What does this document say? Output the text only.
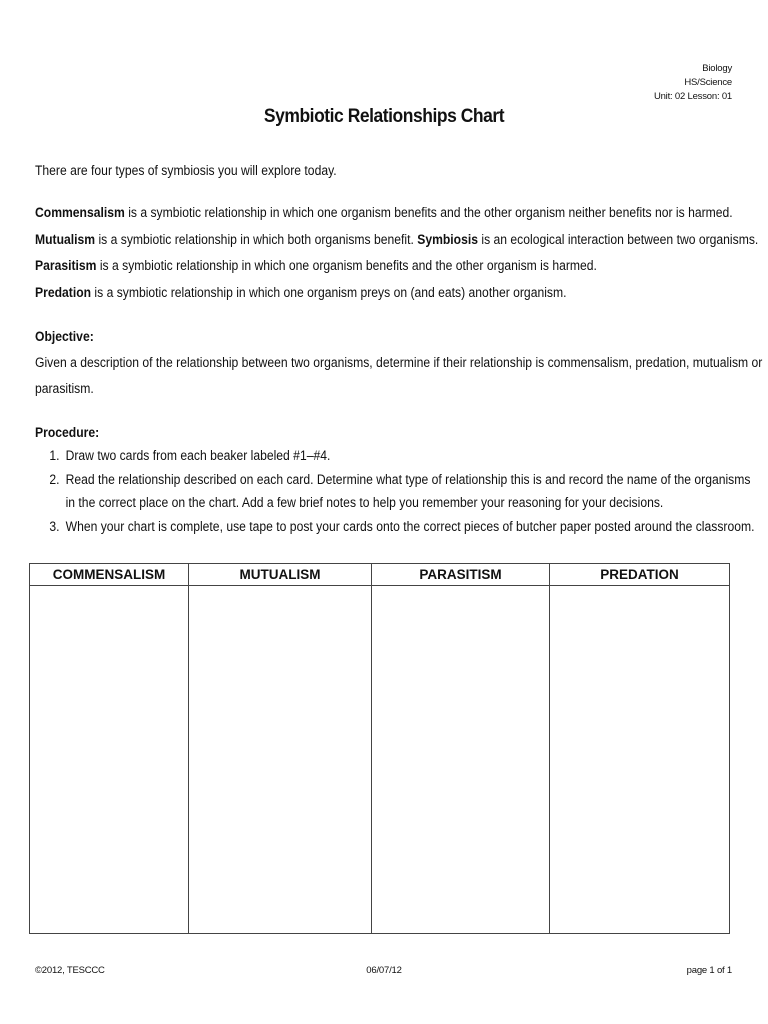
Biology
HS/Science
Unit: 02 Lesson: 01
Symbiotic Relationships Chart
There are four types of symbiosis you will explore today.
Commensalism is a symbiotic relationship in which one organism benefits and the other organism neither benefits nor is harmed.
Mutualism is a symbiotic relationship in which both organisms benefit. Symbiosis is an ecological interaction between two organisms.
Parasitism is a symbiotic relationship in which one organism benefits and the other organism is harmed.
Predation is a symbiotic relationship in which one organism preys on (and eats) another organism.
Objective:
Given a description of the relationship between two organisms, determine if their relationship is commensalism, predation, mutualism or
parasitism.
Procedure:
1. Draw two cards from each beaker labeled #1–#4.
2. Read the relationship described on each card. Determine what type of relationship this is and record the name of the organisms
in the correct place on the chart. Add a few brief notes to help you remember your reasoning for your decisions.
3. When your chart is complete, use tape to post your cards onto the correct pieces of butcher paper posted around the classroom.
COMMENSALISM	MUTUALISM	PARASITISM	PREDATION

©2012, TESCCC	06/07/12	page 1 of 1
